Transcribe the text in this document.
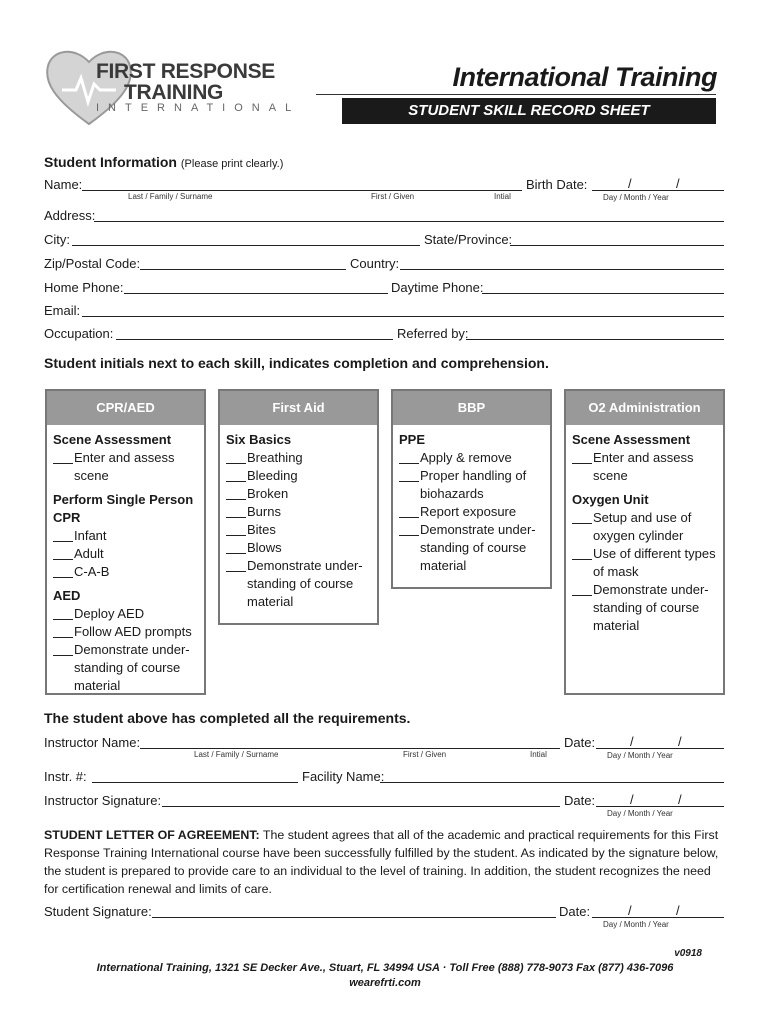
FIRST RESPONSE
TRAINING
INTERNATIONAL
International Training
STUDENT SKILL RECORD SHEET
Student Information (Please print clearly.)
Name:
Last / Family / Surname	First / Given	Intial
Birth Date:	/	/
Day / Month / Year
Address:
City:	State/Province:
Zip/Postal Code:	Country:
Home Phone:	Daytime Phone:
Email:
Occupation:	Referred by:
Student initials next to each skill, indicates completion and comprehension.
CPR/AED
Scene Assessment
Enter and assess scene
Perform Single Person CPR
Infant
Adult
C-A-B
AED
Deploy AED
Follow AED prompts
Demonstrate under-standing of course material
First Aid
Six Basics
Breathing
Bleeding
Broken
Burns
Bites
Blows
Demonstrate under-standing of course material
BBP
PPE
Apply & remove
Proper handling of biohazards
Report exposure
Demonstrate under-standing of course material
O2 Administration
Scene Assessment
Enter and assess scene
Oxygen Unit
Setup and use of oxygen cylinder
Use of different types of mask
Demonstrate under-standing of course material
The student above has completed all the requirements.
Instructor Name:
Last / Family / Surname	First / Given	Intial
Date:	/	/
Day / Month / Year
Instr. #:	Facility Name:
Instructor Signature:	Date:	/	/
Day / Month / Year
STUDENT LETTER OF AGREEMENT: The student agrees that all of the academic and practical requirements for this First Response Training International course have been successfully fulfilled by the student. As indicated by the signature below, the student is prepared to provide care to an individual to the level of training. In addition, the student recognizes the need for certification renewal and limits of care.
Student Signature:	Date:	/	/
Day / Month / Year
v0918
International Training, 1321 SE Decker Ave., Stuart, FL 34994 USA · Toll Free (888) 778-9073 Fax (877) 436-7096
wearefrti.com
